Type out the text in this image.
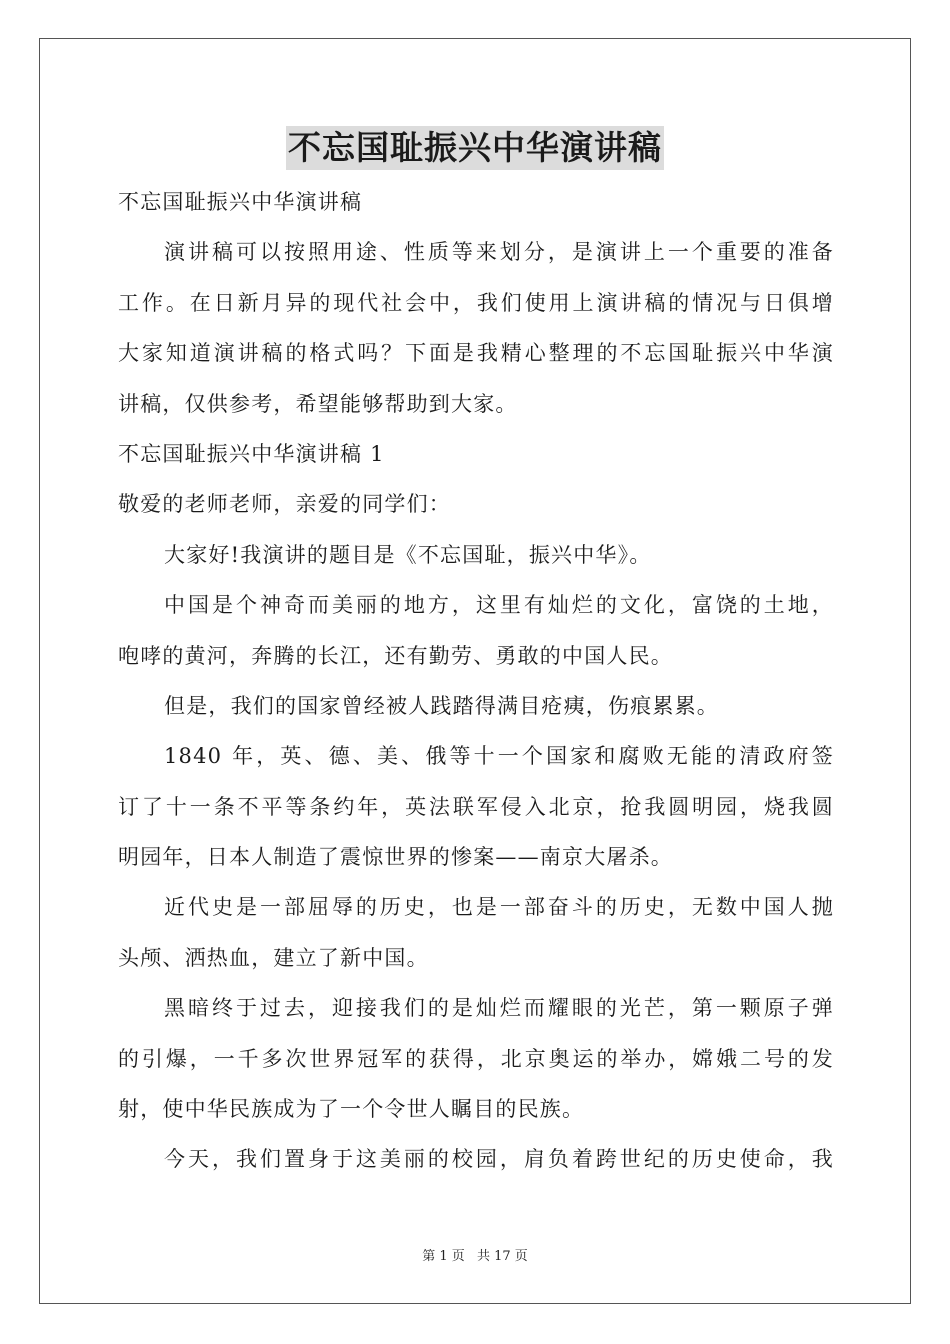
不忘国耻振兴中华演讲稿
不忘国耻振兴中华演讲稿
演讲稿可以按照用途、性质等来划分，是演讲上一个重要的准备
工作。在日新月异的现代社会中，我们使用上演讲稿的情况与日俱增
大家知道演讲稿的格式吗？下面是我精心整理的不忘国耻振兴中华演
讲稿，仅供参考，希望能够帮助到大家。
不忘国耻振兴中华演讲稿 1
敬爱的老师老师，亲爱的同学们：
大家好!我演讲的题目是《不忘国耻，振兴中华》。
中国是个神奇而美丽的地方，这里有灿烂的文化，富饶的土地，
咆哮的黄河，奔腾的长江，还有勤劳、勇敢的中国人民。
但是，我们的国家曾经被人践踏得满目疮痍，伤痕累累。
1840 年，英、德、美、俄等十一个国家和腐败无能的清政府签
订了十一条不平等条约年，英法联军侵入北京，抢我圆明园，烧我圆
明园年，日本人制造了震惊世界的惨案——南京大屠杀。
近代史是一部屈辱的历史，也是一部奋斗的历史，无数中国人抛
头颅、洒热血，建立了新中国。
黑暗终于过去，迎接我们的是灿烂而耀眼的光芒，第一颗原子弹
的引爆，一千多次世界冠军的获得，北京奥运的举办，嫦娥二号的发
射，使中华民族成为了一个令世人瞩目的民族。
今天，我们置身于这美丽的校园，肩负着跨世纪的历史使命，我
第 1 页 共 17 页
